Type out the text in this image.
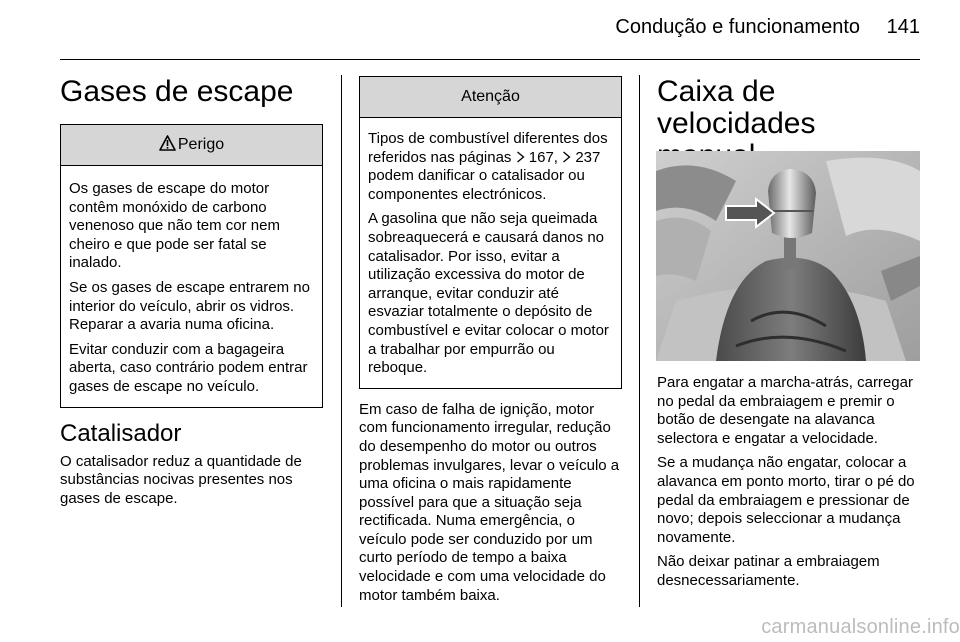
Condução e funcionamento	141
Gases de escape
Perigo

Os gases de escape do motor contêm monóxido de carbono venenoso que não tem cor nem cheiro e que pode ser fatal se inalado.

Se os gases de escape entrarem no interior do veículo, abrir os vidros. Reparar a avaria numa oficina.

Evitar conduzir com a bagageira aberta, caso contrário podem entrar gases de escape no veículo.

Catalisador

O catalisador reduz a quantidade de substâncias nocivas presentes nos gases de escape.

Atenção

Tipos de combustível diferentes dos referidos nas páginas  167,  237 podem danificar o catalisador ou componentes electrónicos.

A gasolina que não seja queimada sobreaquecerá e causará danos no catalisador. Por isso, evitar a utilização excessiva do motor de arranque, evitar conduzir até esvaziar totalmente o depósito de combustível e evitar colocar o motor a trabalhar por empurrão ou reboque.

Em caso de falha de ignição, motor com funcionamento irregular, redução do desempenho do motor ou outros problemas invulgares, levar o veículo a uma oficina o mais rapidamente possível para que a situação seja rectificada. Numa emergência, o veículo pode ser conduzido por um curto período de tempo a baixa velocidade e com uma velocidade do motor também baixa.

Caixa de velocidades

Para engatar a marcha-atrás, carregar no pedal da embraiagem e premir o botão de desengate na alavanca selectora e engatar a velocidade.

Se a mudança não engatar, colocar a alavanca em ponto morto, tirar o pé do pedal da embraiagem e pressionar de novo; depois seleccionar a mudança novamente.

Não deixar patinar a embraiagem desnecessariamente.

carmanualsonline.info
